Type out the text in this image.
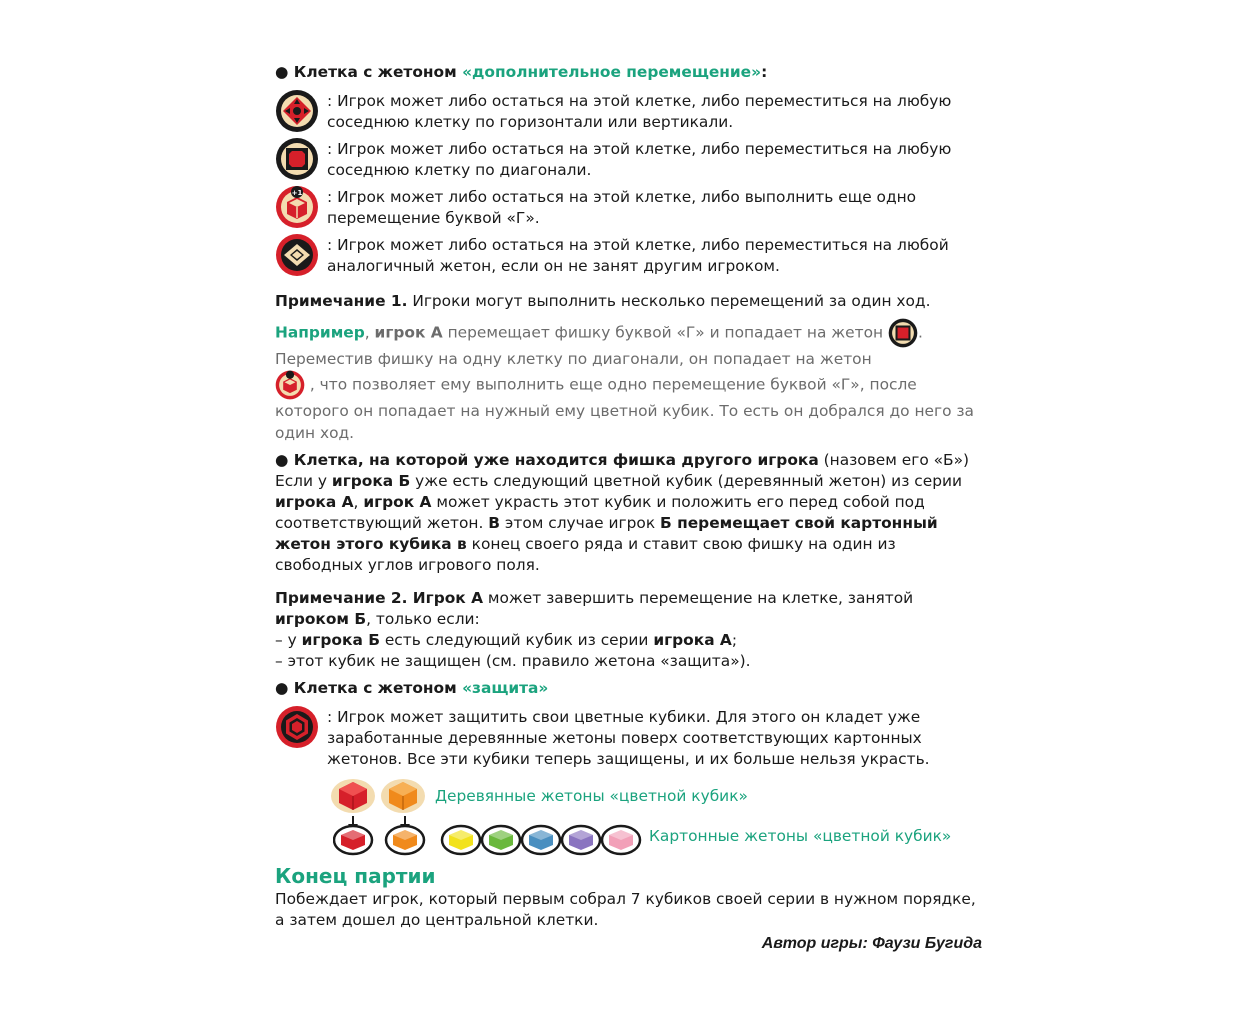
● Клетка с жетоном «дополнительное перемещение»:

: Игрок может либо остаться на этой клетке, либо переместиться на любую соседнюю клетку по горизонтали или вертикали.
: Игрок может либо остаться на этой клетке, либо переместиться на любую соседнюю клетку по диагонали.
+1 : Игрок может либо остаться на этой клетке, либо выполнить еще одно перемещение буквой «Г».
: Игрок может либо остаться на этой клетке, либо переместиться на любой аналогичный жетон, если он не занят другим игроком.

Примечание 1. Игроки могут выполнить несколько перемещений за один ход.

Например, игрок А перемещает фишку буквой «Г» и попадает на жетон . Переместив фишку на одну клетку по диагонали, он попадает на жетон
, что позволяет ему выполнить еще одно перемещение буквой «Г», после которого он попадает на нужный ему цветной кубик. То есть он добрался до него за один ход.

● Клетка, на которой уже находится фишка другого игрока (назовем его «Б»)
Если у игрока Б уже есть следующий цветной кубик (деревянный жетон) из серии игрока А, игрок А может украсть этот кубик и положить его перед собой под соответствующий жетон. В этом случае игрок Б перемещает свой картонный жетон этого кубика в конец своего ряда и ставит свою фишку на один из свободных углов игрового поля.

Примечание 2. Игрок А может завершить перемещение на клетке, занятой игроком Б, только если:
– у игрока Б есть следующий кубик из серии игрока А;
– этот кубик не защищен (см. правило жетона «защита»).

● Клетка с жетоном «защита»

: Игрок может защитить свои цветные кубики. Для этого он кладет уже заработанные деревянные жетоны поверх соответствующих картонных жетонов. Все эти кубики теперь защищены, и их больше нельзя украсть.
Деревянные жетоны «цветной кубик»
Картонные жетоны «цветной кубик»

Конец партии

Побеждает игрок, который первым собрал 7 кубиков своей серии в нужном порядке, а затем дошел до центральной клетки.

Автор игры: Фаузи Бугида
